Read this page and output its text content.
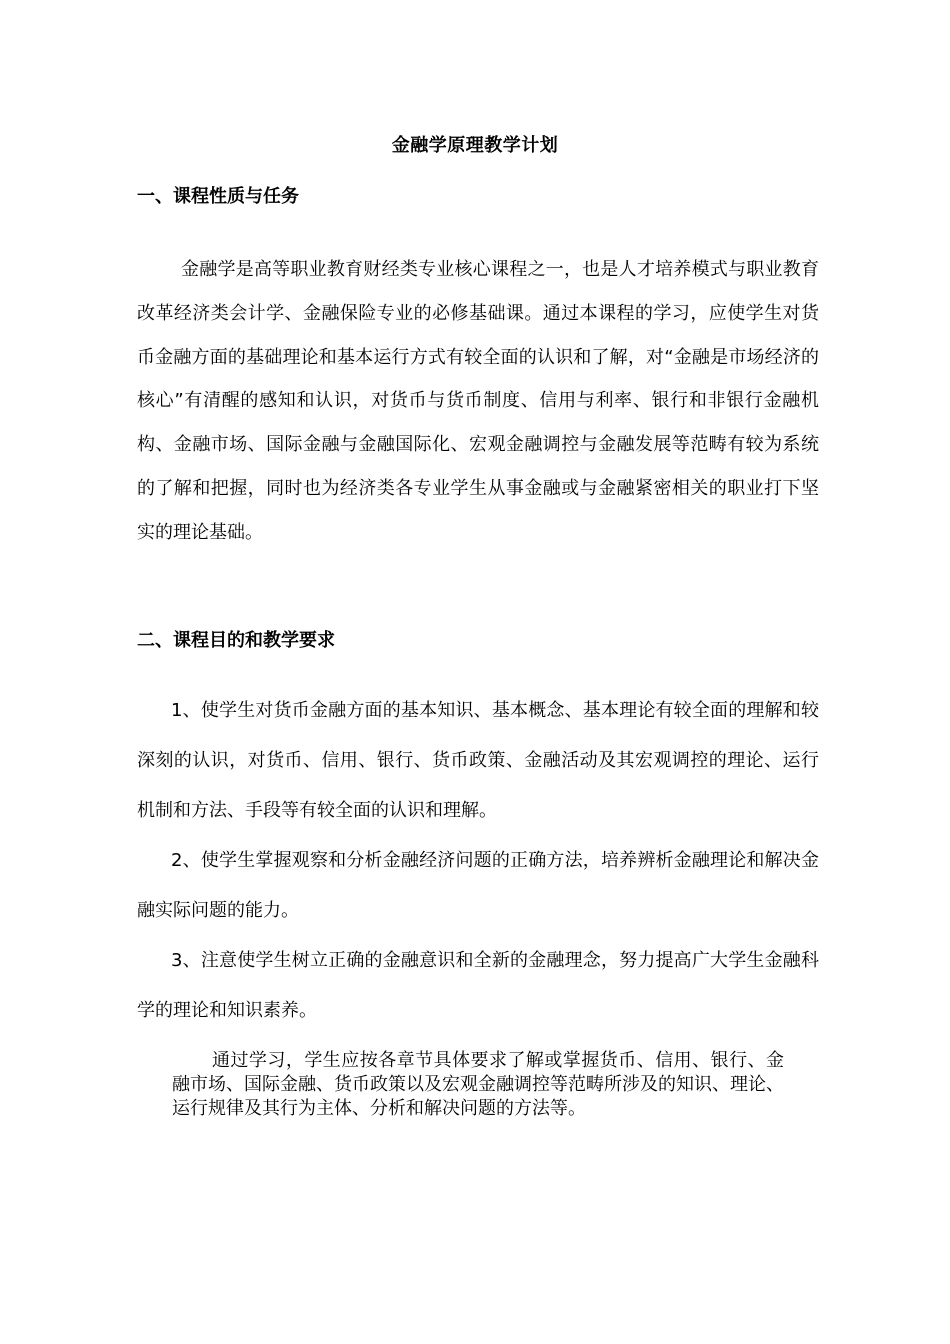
金融学原理教学计划
一、课程性质与任务

金融学是高等职业教育财经类专业核心课程之一，也是人才培养模式与职业教育改革经济类会计学、金融保险专业的必修基础课。通过本课程的学习，应使学生对货币金融方面的基础理论和基本运行方式有较全面的认识和了解，对“金融是市场经济的核心”有清醒的感知和认识，对货币与货币制度、信用与利率、银行和非银行金融机构、金融市场、国际金融与金融国际化、宏观金融调控与金融发展等范畴有较为系统的了解和把握，同时也为经济类各专业学生从事金融或与金融紧密相关的职业打下坚实的理论基础。

二、课程目的和教学要求

1、使学生对货币金融方面的基本知识、基本概念、基本理论有较全面的理解和较深刻的认识，对货币、信用、银行、货币政策、金融活动及其宏观调控的理论、运行机制和方法、手段等有较全面的认识和理解。

2、使学生掌握观察和分析金融经济问题的正确方法，培养辨析金融理论和解决金融实际问题的能力。

3、注意使学生树立正确的金融意识和全新的金融理念，努力提高广大学生金融科学的理论和知识素养。

通过学习，学生应按各章节具体要求了解或掌握货币、信用、银行、金融市场、国际金融、货币政策以及宏观金融调控等范畴所涉及的知识、理论、运行规律及其行为主体、分析和解决问题的方法等。
